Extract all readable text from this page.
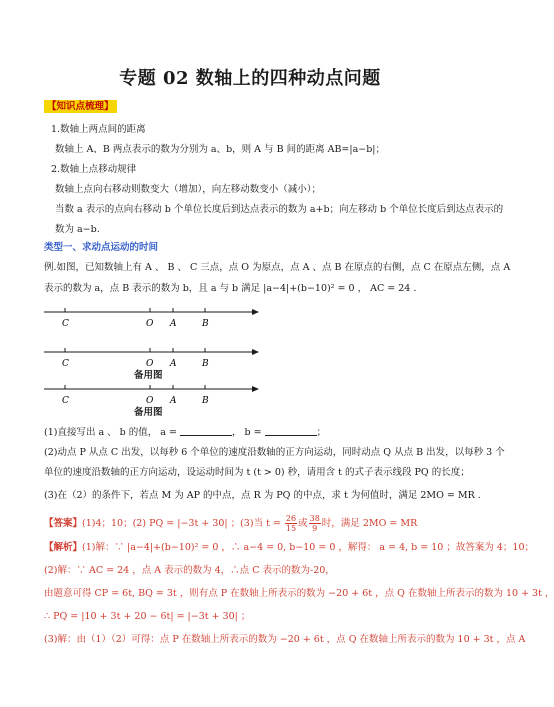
专题 02 数轴上的四种动点问题
【知识点梳理】
1.数轴上两点间的距离
数轴上 A、B 两点表示的数为分别为 a、b，则 A 与 B 间的距离 AB=|a−b|；
2.数轴上点移动规律
数轴上点向右移动则数变大（增加），向左移动数变小（减小）；
当数 a 表示的点向右移动 b 个单位长度后到达点表示的数为 a+b；向左移动 b 个单位长度后到达点表示的
数为 a−b.
类型一、求动点运动的时间
例.如图，已知数轴上有 A 、 B 、 C 三点，点 O 为原点，点 A 、点 B 在原点的右侧，点 C 在原点左侧，点 A
表示的数为 a，点 B 表示的数为 b，且 a 与 b 满足 |a−4|+(b−10)² = 0 ， AC = 24 .
C	O A	B
C	O A	B
备用图
C	O A	B
备用图
(1)直接写出 a 、 b 的值， a =	， b =	；
(2)动点 P 从点 C 出发，以每秒 6 个单位的速度沿数轴的正方向运动，同时动点 Q 从点 B 出发，以每秒 3 个
单位的速度沿数轴的正方向运动，设运动时间为 t (t > 0) 秒，请用含 t 的式子表示线段 PQ 的长度；
(3)在（2）的条件下，若点 M 为 AP 的中点，点 R 为 PQ 的中点，求 t 为何值时，满足 2MO = MR .
【答案】(1)4；10；(2) PQ = |−3t + 30| ；(3)当 $t = \frac{26}{15}$ 或 $\frac{38}{9}$ 时，满足 2MO = MR
【解析】(1)解：∵ |a−4|+(b−10)² = 0 ，∴ a−4 = 0, b−10 = 0 ，解得： a = 4, b = 10 ；故答案为 4；10；
(2)解：∵ AC = 24 ，点 A 表示的数为 4，∴点 C 表示的数为-20，
由题意可得 CP = 6t, BQ = 3t ，则有点 P 在数轴上所表示的数为 −20 + 6t ，点 Q 在数轴上所表示的数为 10 + 3t ，
∴ PQ = |10 + 3t + 20 − 6t| = |−3t + 30| ；
(3)解：由（1）（2）可得：点 P 在数轴上所表示的数为 −20 + 6t ，点 Q 在数轴上所表示的数为 10 + 3t ，点 A
